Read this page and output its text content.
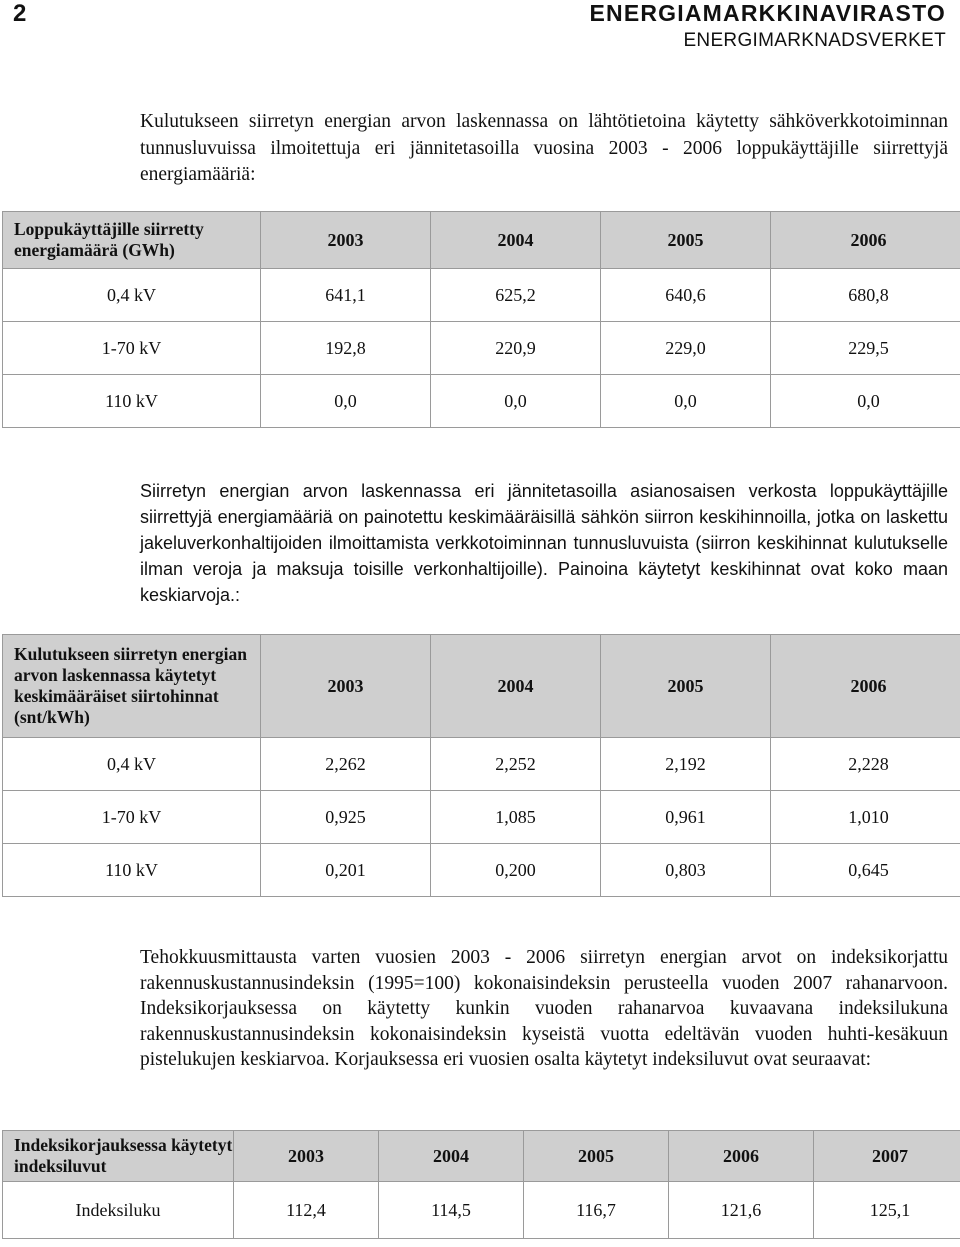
2	ENERGIAMARKKINAVIRASTO
ENERGIMARKNADSVERKET
Kulutukseen siirretyn energian arvon laskennassa on lähtötietoina käytetty sähköverkkotoiminnan tunnusluvuissa ilmoitettuja eri jännitetasoilla vuosina 2003 - 2006 loppukäyttäjille siirrettyjä energiamääriä:
Loppukäyttäjille siirretty energiamäärä (GWh)	2003	2004	2005	2006
0,4 kV	641,1	625,2	640,6	680,8
1-70 kV	192,8	220,9	229,0	229,5
110 kV	0,0	0,0	0,0	0,0
Siirretyn energian arvon laskennassa eri jännitetasoilla asianosaisen verkosta loppukäyttäjille siirrettyjä energiamääriä on painotettu keskimääräisillä sähkön siirron keskihinnoilla, jotka on laskettu jakeluverkonhaltijoiden ilmoittamista verkkotoiminnan tunnusluvuista (siirron keskihinnat kulutukselle ilman veroja ja maksuja toisille verkonhaltijoille). Painoina käytetyt keskihinnat ovat koko maan keskiarvoja.:
Kulutukseen siirretyn energian arvon laskennassa käytetyt keskimääräiset siirtohinnat (snt/kWh)	2003	2004	2005	2006
0,4 kV	2,262	2,252	2,192	2,228
1-70 kV	0,925	1,085	0,961	1,010
110 kV	0,201	0,200	0,803	0,645
Tehokkuusmittausta varten vuosien 2003 - 2006 siirretyn energian arvot on indeksikorjattu rakennuskustannusindeksin (1995=100) kokonaisindeksin perusteella vuoden 2007 rahanarvoon. Indeksikorjauksessa on käytetty kunkin vuoden rahanarvoa kuvaavana indeksilukuna rakennuskustannusindeksin kokonaisindeksin kyseistä vuotta edeltävän vuoden huhti-kesäkuun pistelukujen keskiarvoa. Korjauksessa eri vuosien osalta käytetyt indeksiluvut ovat seuraavat:
Indeksikorjauksessa käytetyt indeksiluvut	2003	2004	2005	2006	2007
Indeksiluku	112,4	114,5	116,7	121,6	125,1
